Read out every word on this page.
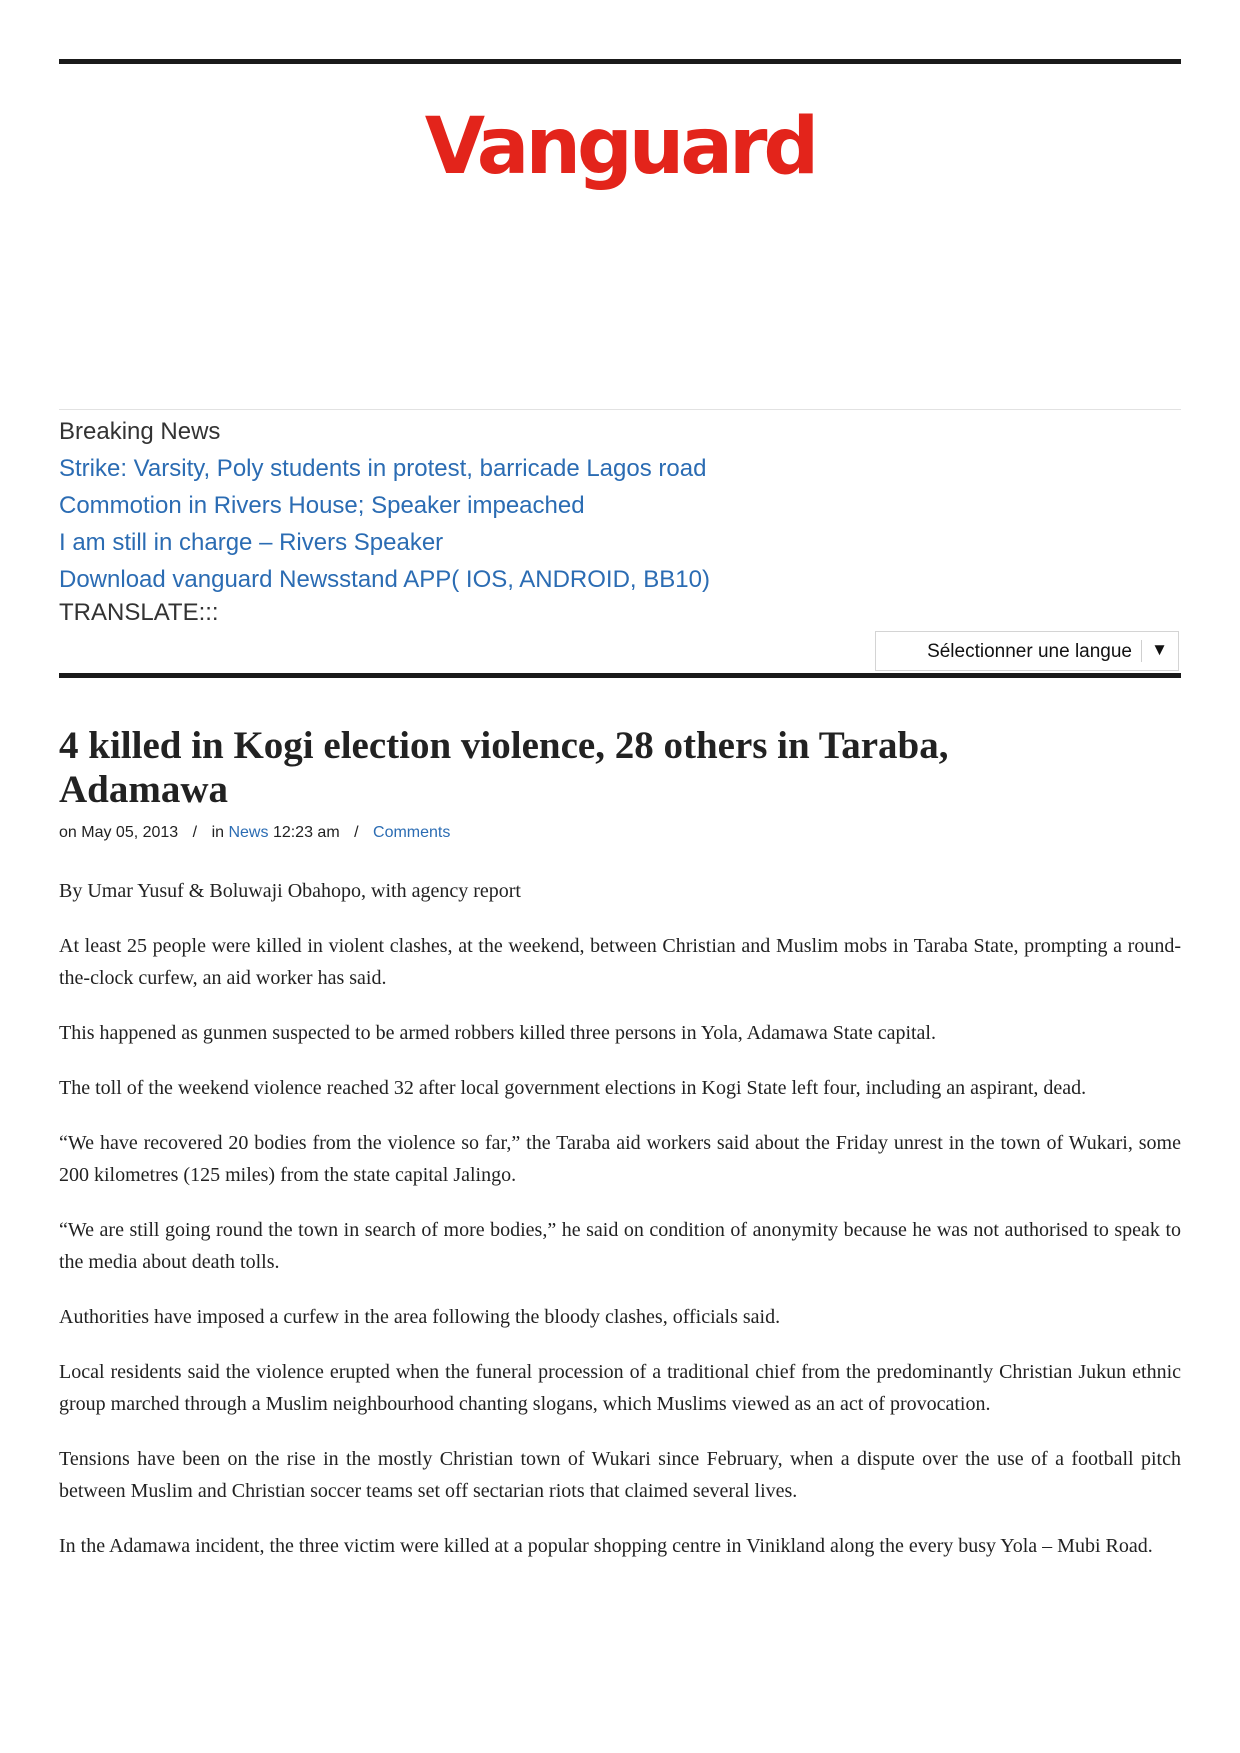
Vanguard
Breaking News
Strike: Varsity, Poly students in protest, barricade Lagos road
Commotion in Rivers House; Speaker impeached
I am still in charge – Rivers Speaker
Download vanguard Newsstand APP( IOS, ANDROID, BB10)
TRANSLATE:::
Sélectionner une langue ▼
4 killed in Kogi election violence, 28 others in Taraba, Adamawa
on May 05, 2013 / in News 12:23 am / Comments

By Umar Yusuf & Boluwaji Obahopo, with agency report

At least 25 people were killed in violent clashes, at the weekend, between Christian and Muslim mobs in Taraba State, prompting a round-the-clock curfew, an aid worker has said.

This happened as gunmen suspected to be armed robbers killed three persons in Yola, Adamawa State capital.

The toll of the weekend violence reached 32 after local government elections in Kogi State left four, including an aspirant, dead.

“We have recovered 20 bodies from the violence so far,” the Taraba aid workers said about the Friday unrest in the town of Wukari, some 200 kilometres (125 miles) from the state capital Jalingo.

“We are still going round the town in search of more bodies,” he said on condition of anonymity because he was not authorised to speak to the media about death tolls.

Authorities have imposed a curfew in the area following the bloody clashes, officials said.

Local residents said the violence erupted when the funeral procession of a traditional chief from the predominantly Christian Jukun ethnic group marched through a Muslim neighbourhood chanting slogans, which Muslims viewed as an act of provocation.

Tensions have been on the rise in the mostly Christian town of Wukari since February, when a dispute over the use of a football pitch between Muslim and Christian soccer teams set off sectarian riots that claimed several lives.

In the Adamawa incident, the three victim were killed at a popular shopping centre in Vinikland along the every busy Yola – Mubi Road.
